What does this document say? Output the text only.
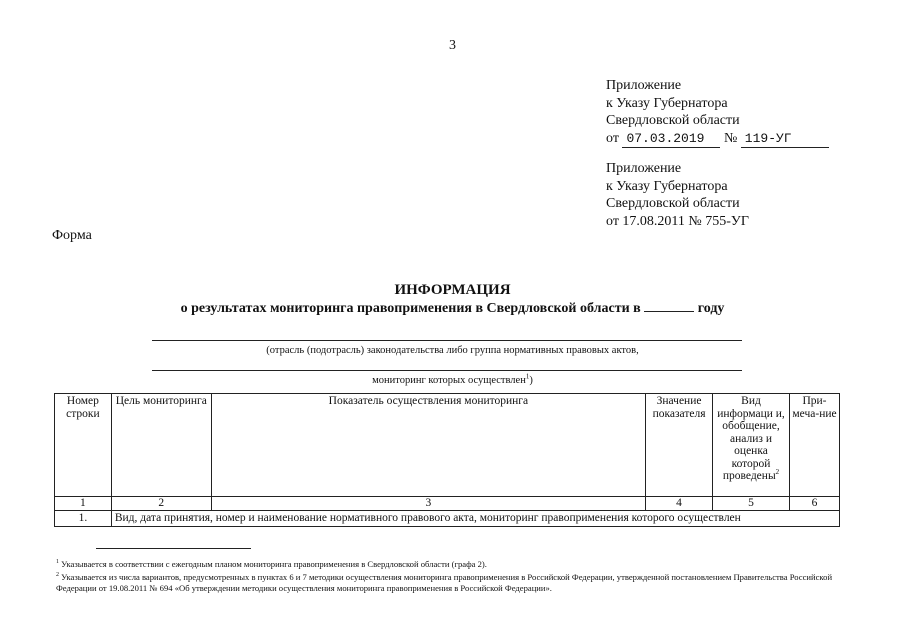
3
Приложение
к Указу Губернатора
Свердловской области
от 07.03.2019 № 119-УГ
Приложение
к Указу Губернатора
Свердловской области
от 17.08.2011 № 755-УГ
Форма
ИНФОРМАЦИЯ
о результатах мониторинга правоприменения в Свердловской области в	году
(отрасль (подотрасль) законодательства либо группа нормативных правовых актов,
мониторинг которых осуществлен$^1$)
Номер строки	Цель мониторинга	Показатель осуществления мониторинга	Значение показателя	Вид информаци и, обобщение, анализ и оценка которой проведены$^2$	При-меча-ние
1	2	3	4	5	6
1.	Вид, дата принятия, номер и наименование нормативного правового акта, мониторинг правоприменения которого осуществлен				

$^1$ Указывается в соответствии с ежегодным планом мониторинга правоприменения в Свердловской области (графа 2).

$^2$ Указывается из числа вариантов, предусмотренных в пунктах 6 и 7 методики осуществления мониторинга правоприменения в Российской Федерации, утвержденной постановлением Правительства Российской Федерации от 19.08.2011 № 694 «Об утверждении методики осуществления мониторинга правоприменения в Российской Федерации».
